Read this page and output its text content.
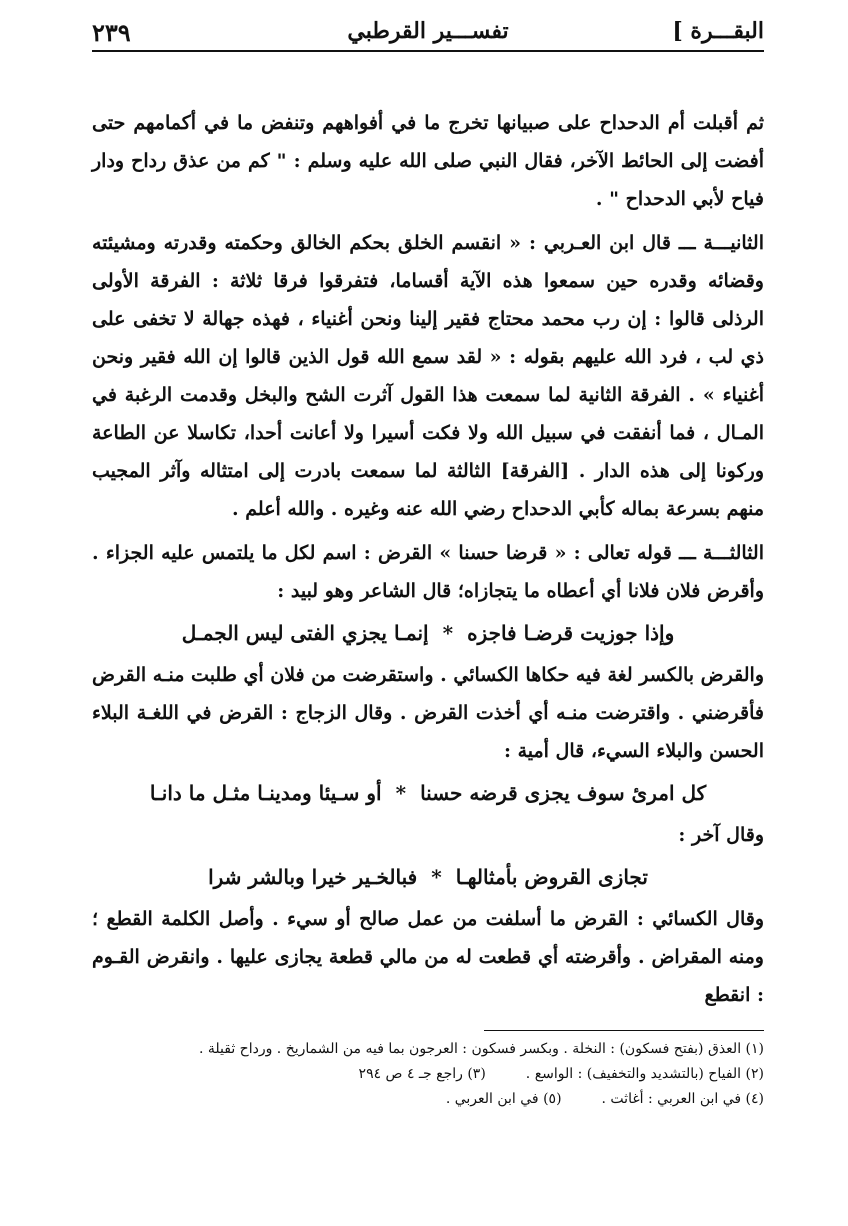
البقـــرة ]
تفســـير القرطبي
٢٣٩

ثم أقبلت أم الدحداح على صبيانها تخرج ما في أفواههم وتنفض ما في أكمامهم حتى أفضت إلى الحائط الآخر، فقال النبي صلى الله عليه وسلم : " كم من عذق رداح ودار فياح لأبي الدحداح " .

الثانيـــة ـــ قال ابن العـربي : « انقسم الخلق بحكم الخالق وحكمته وقدرته ومشيئته وقضائه وقدره حين سمعوا هذه الآية أقساما، فتفرقوا فرقا ثلاثة : الفرقة الأولى الرذلى قالوا : إن رب محمد محتاج فقير إلينا ونحن أغنياء ، فهذه جهالة لا تخفى على ذي لب ، فرد الله عليهم بقوله : « لقد سمع الله قول الذين قالوا إن الله فقير ونحن أغنياء » . الفرقة الثانية لما سمعت هذا القول آثرت الشح والبخل وقدمت الرغبة في المـال ، فما أنفقت في سبيل الله ولا فكت أسيرا ولا أعانت أحدا، تكاسلا عن الطاعة وركونا إلى هذه الدار . [الفرقة] الثالثة لما سمعت بادرت إلى امتثاله وآثر المجيب منهم بسرعة بماله كأبي الدحداح رضي الله عنه وغيره . والله أعلم .

الثالثـــة ـــ قوله تعالى : « قرضا حسنا » القرض : اسم لكل ما يلتمس عليه الجزاء . وأقرض فلان فلانا أي أعطاه ما يتجازاه؛ قال الشاعر وهو لبيد :

وإذا جوزيت قرضـا فاجزه*إنمـا يجزي الفتى ليس الجمـل

والقرض بالكسر لغة فيه حكاها الكسائي . واستقرضت من فلان أي طلبت منـه القرض فأقرضني . واقترضت منـه أي أخذت القرض . وقال الزجاج : القرض في اللغـة البلاء الحسن والبلاء السيء، قال أمية :

كل امرئ سوف يجزى قرضه حسنا*أو سـيئا ومدينـا مثـل ما دانـا

وقال آخر :

تجازى القروض بأمثالهـا*فبالخـير خيرا وبالشر شرا

وقال الكسائي : القرض ما أسلفت من عمل صالح أو سيء . وأصل الكلمة القطع ؛ ومنه المقراض . وأقرضته أي قطعت له من مالي قطعة يجازى عليها . وانقرض القـوم : انقطع

(١) العذق (بفتح فسكون) : النخلة . وبكسر فسكون : العرجون بما فيه من الشماريخ . ورداح ثقيلة .
(٢) الفياح (بالتشديد والتخفيف) : الواسع .
(٣) راجع جـ ٤ ص ٢٩٤
(٤) في ابن العربي : أغاثت .
(٥) في ابن العربي .
